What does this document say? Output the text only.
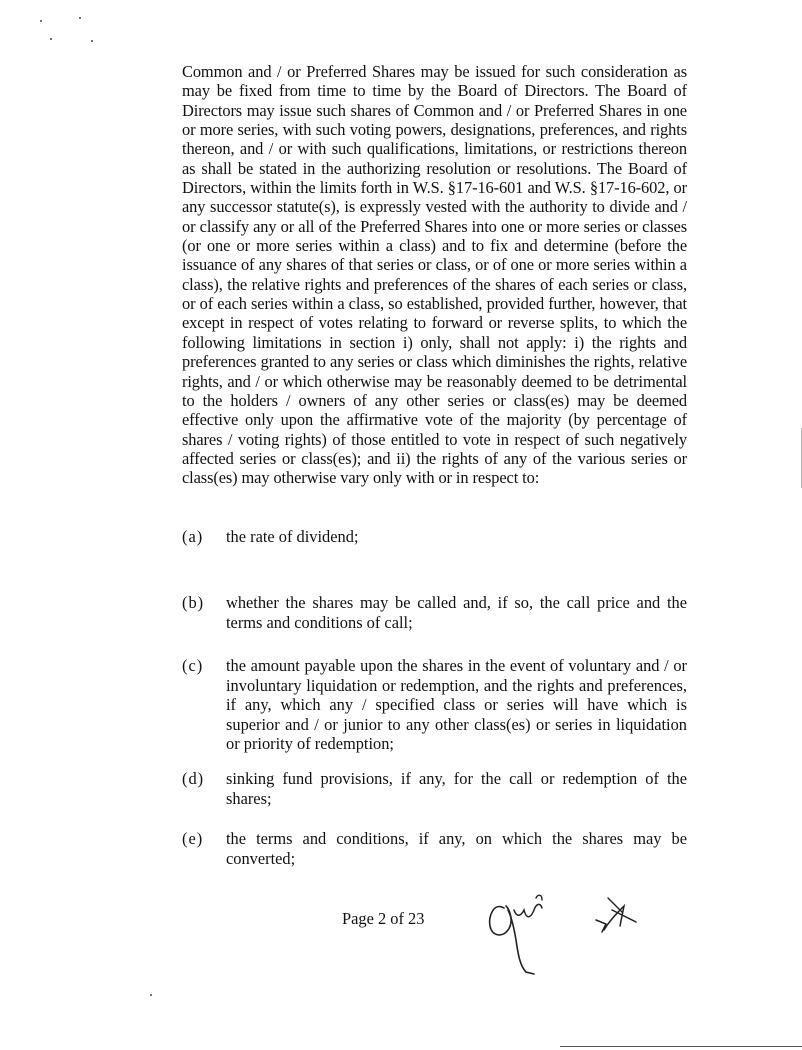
Common and / or Preferred Shares may be issued for such consideration as may be fixed from time to time by the Board of Directors. The Board of Directors may issue such shares of Common and / or Preferred Shares in one or more series, with such voting powers, designations, preferences, and rights thereon, and / or with such qualifications, limitations, or restrictions thereon as shall be stated in the authorizing resolution or resolutions. The Board of Directors, within the limits forth in W.S. §17-16-601 and W.S. §17-16-602, or any successor statute(s), is expressly vested with the authority to divide and / or classify any or all of the Preferred Shares into one or more series or classes (or one or more series within a class) and to fix and determine (before the issuance of any shares of that series or class, or of one or more series within a class), the relative rights and preferences of the shares of each series or class, or of each series within a class, so established, provided further, however, that except in respect of votes relating to forward or reverse splits, to which the following limitations in section i) only, shall not apply: i) the rights and preferences granted to any series or class which diminishes the rights, relative rights, and / or which otherwise may be reasonably deemed to be detrimental to the holders / owners of any other series or class(es) may be deemed effective only upon the affirmative vote of the majority (by percentage of shares / voting rights) of those entitled to vote in respect of such negatively affected series or class(es); and ii) the rights of any of the various series or class(es) may otherwise vary only with or in respect to:

(a)	the rate of dividend;
(b)	whether the shares may be called and, if so, the call price and the terms and conditions of call;
(c)	the amount payable upon the shares in the event of voluntary and / or involuntary liquidation or redemption, and the rights and preferences, if any, which any / specified class or series will have which is superior and / or junior to any other class(es) or series in liquidation or priority of redemption;
(d)	sinking fund provisions, if any, for the call or redemption of the shares;
(e)	the terms and conditions, if any, on which the shares may be converted;
Page 2 of 23
